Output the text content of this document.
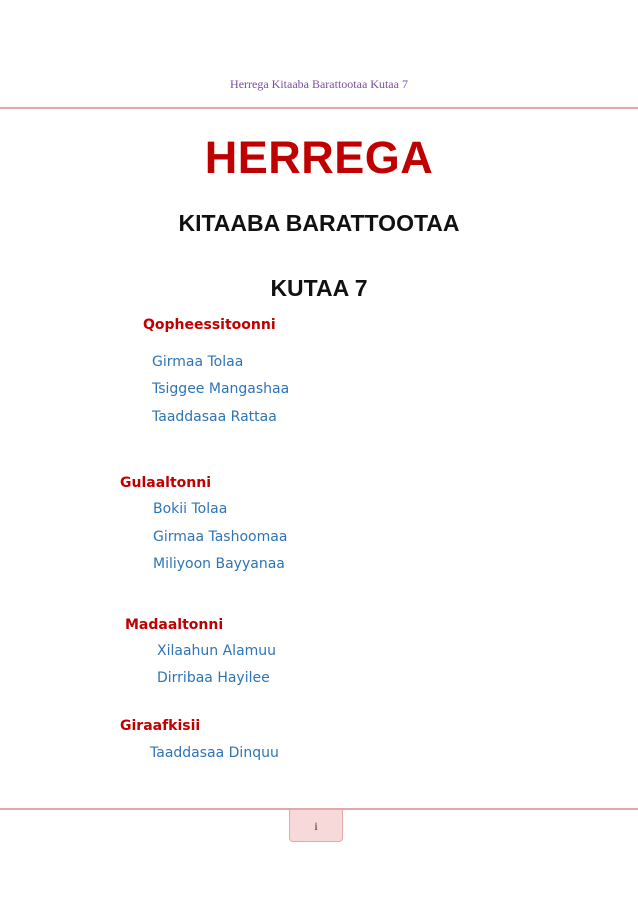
Herrega Kitaaba Barattootaa Kutaa 7
HERREGA
KITAABA BARATTOOTAA
KUTAA 7
Qopheessitoonni
Girmaa Tolaa
Tsiggee Mangashaa
Taaddasaa Rattaa
Gulaaltonni
Bokii Tolaa
Girmaa Tashoomaa
Miliyoon Bayyanaa
Madaaltonni
Xilaahun Alamuu
Dirribaa Hayilee
Giraafkisii
Taaddasaa Dinquu
i
